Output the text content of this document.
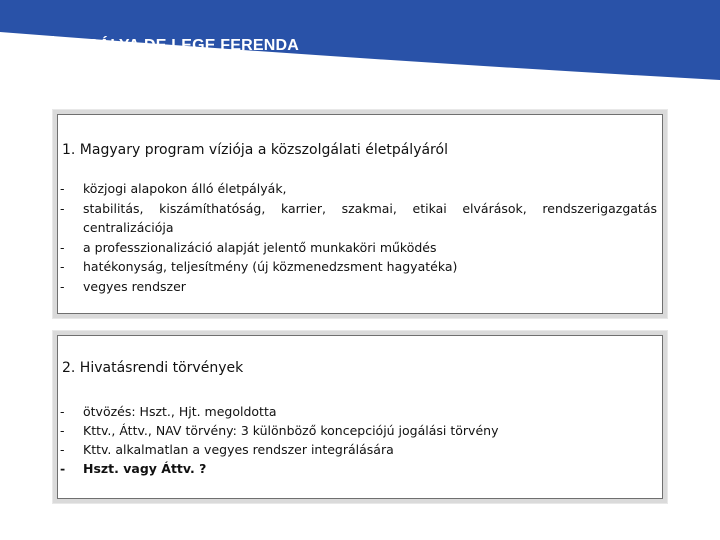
ÉLETPÁLYA DE LEGE FERENDA
1. Magyary program víziója a közszolgálati életpályáról
- közjogi alapokon álló életpályák,
- stabilitás, kiszámíthatóság, karrier, szakmai, etikai elvárások, rendszerigazgatás
centralizációja
- a professzionalizáció alapját jelentő munkaköri működés
- hatékonyság, teljesítmény (új közmenedzsment hagyatéka)
- vegyes rendszer
2. Hivatásrendi törvények
- ötvözés: Hszt., Hjt. megoldotta
- Kttv., Áttv., NAV törvény: 3 különböző koncepciójú jogálási törvény
- Kttv. alkalmatlan a vegyes rendszer integrálására
- Hszt. vagy Áttv. ?
